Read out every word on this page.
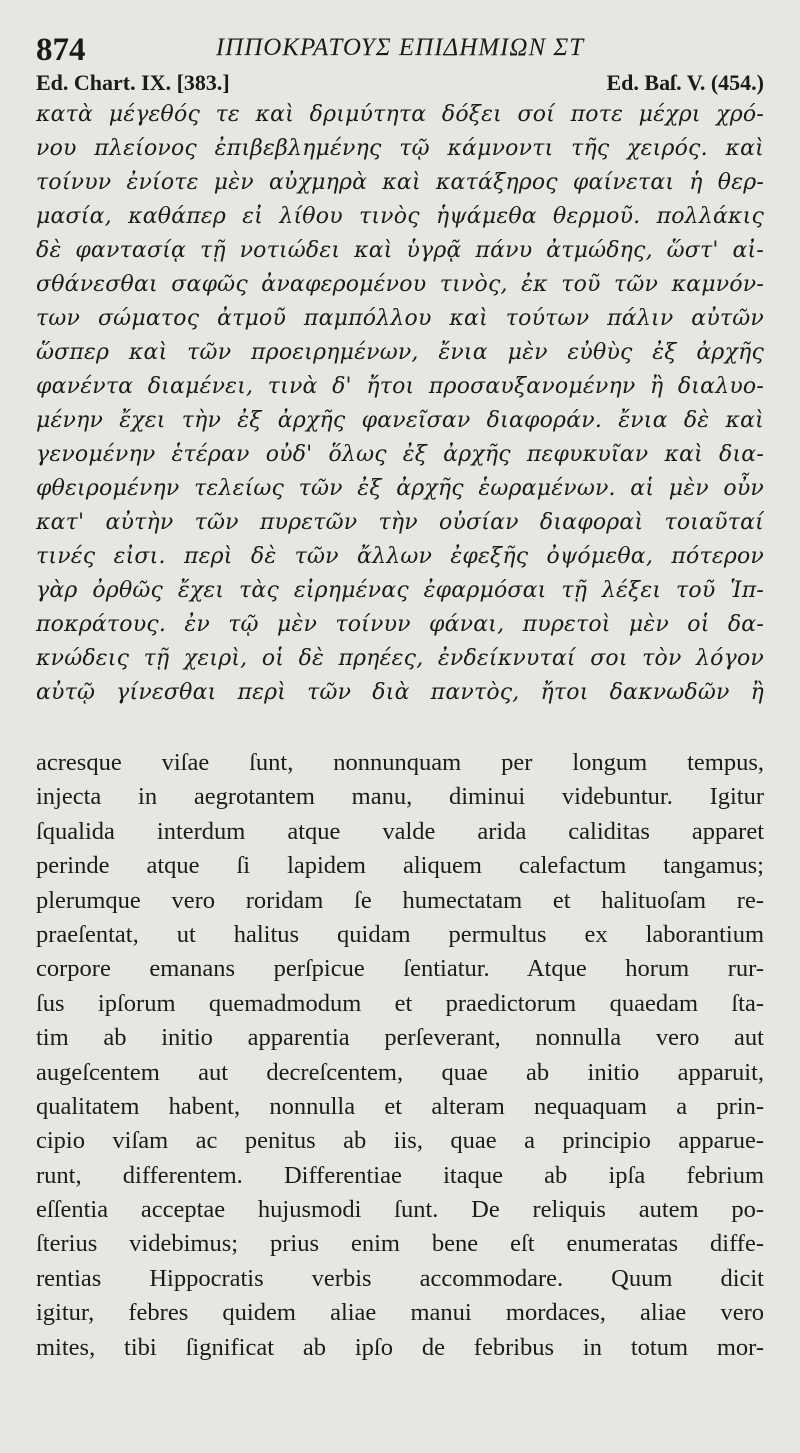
874	ΙΠΠΟΚΡΑΤΟΥΣ ΕΠΙΔΗΜΙΩΝ ΣΤ
Ed. Chart. IX. [383.]	Ed. Baſ. V. (454.)
κατὰ μέγεθός τε καὶ δριμύτητα δόξει σοί ποτε μέχρι χρό-
νου πλείονος ἐπιβεβλημένης τῷ κάμνοντι τῆς χειρός. καὶ
τοίνυν ἐνίοτε μὲν αὐχμηρὰ καὶ κατάξηρος φαίνεται ἡ θερ-
μασία, καθάπερ εἰ λίθου τινὸς ἡψάμεθα θερμοῦ. πολλάκις
δὲ φαντασίᾳ τῇ νοτιώδει καὶ ὑγρᾷ πάνυ ἀτμώδης, ὥστ' αἰ-
σθάνεσθαι σαφῶς ἀναφερομένου τινὸς, ἐκ τοῦ τῶν καμνόν-
των σώματος ἀτμοῦ παμπόλλου καὶ τούτων πάλιν αὐτῶν
ὥσπερ καὶ τῶν προειρημένων, ἔνια μὲν εὐθὺς ἐξ ἀρχῆς
φανέντα διαμένει, τινὰ δ' ἤτοι προσαυξανομένην ἢ διαλυο-
μένην ἔχει τὴν ἐξ ἀρχῆς φανεῖσαν διαφοράν. ἔνια δὲ καὶ
γενομένην ἑτέραν οὐδ' ὅλως ἐξ ἀρχῆς πεφυκυῖαν καὶ δια-
φθειρομένην τελείως τῶν ἐξ ἀρχῆς ἑωραμένων. αἱ μὲν οὖν
κατ' αὐτὴν τῶν πυρετῶν τὴν οὐσίαν διαφοραὶ τοιαῦταί
τινές εἰσι. περὶ δὲ τῶν ἄλλων ἐφεξῆς ὀψόμεθα, πότερον
γὰρ ὀρθῶς ἔχει τὰς εἰρημένας ἐφαρμόσαι τῇ λέξει τοῦ Ἱπ-
ποκράτους. ἐν τῷ μὲν τοίνυν φάναι, πυρετοὶ μὲν οἱ δα-
κνώδεις τῇ χειρὶ, οἱ δὲ πρηέες, ἐνδείκνυταί σοι τὸν λόγον
αὐτῷ γίνεσθαι περὶ τῶν διὰ παντὸς, ἤτοι δακνωδῶν ἢ
acresque viſae ſunt, nonnunquam per longum tempus,
injecta in aegrotantem manu, diminui videbuntur. Igitur
ſqualida interdum atque valde arida caliditas apparet
perinde atque ſi lapidem aliquem calefactum tangamus;
plerumque vero roridam ſe humectatam et halituoſam re-
praeſentat, ut halitus quidam permultus ex laborantium
corpore emanans perſpicue ſentiatur. Atque horum rur-
ſus ipſorum quemadmodum et praedictorum quaedam ſta-
tim ab initio apparentia perſeverant, nonnulla vero aut
augeſcentem aut decreſcentem, quae ab initio apparuit,
qualitatem habent, nonnulla et alteram nequaquam a prin-
cipio viſam ac penitus ab iis, quae a principio apparue-
runt, differentem. Differentiae itaque ab ipſa febrium
eſſentia acceptae hujusmodi ſunt. De reliquis autem po-
ſterius videbimus; prius enim bene eſt enumeratas diffe-
rentias Hippocratis verbis accommodare. Quum dicit
igitur, febres quidem aliae manui mordaces, aliae vero
mites, tibi ſignificat ab ipſo de febribus in totum mor-
